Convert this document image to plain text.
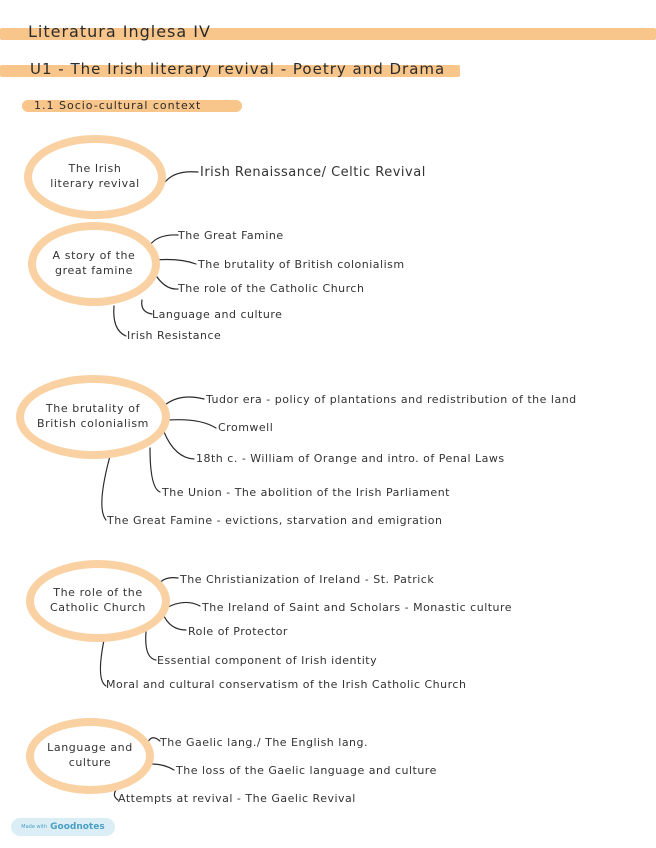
Literatura Inglesa IV
U1 - The Irish literary revival - Poetry and Drama
1.1 Socio-cultural context
The Irish
literary revival
Irish Renaissance/ Celtic Revival
A story of the
great famine
The Great Famine
The brutality of British colonialism
The role of the Catholic Church
Language and culture
Irish Resistance
The brutality of
British colonialism
Tudor era - policy of plantations and redistribution of the land
Cromwell
18th c. - William of Orange and intro. of Penal Laws
The Union - The abolition of the Irish Parliament
The Great Famine - evictions, starvation and emigration
The role of the
Catholic Church
The Christianization of Ireland - St. Patrick
The Ireland of Saint and Scholars - Monastic culture
Role of Protector
Essential component of Irish identity
Moral and cultural conservatism of the Irish Catholic Church
Language and
culture
The Gaelic lang./ The English lang.
The loss of the Gaelic language and culture
Attempts at revival - The Gaelic Revival
Made with Goodnotes
